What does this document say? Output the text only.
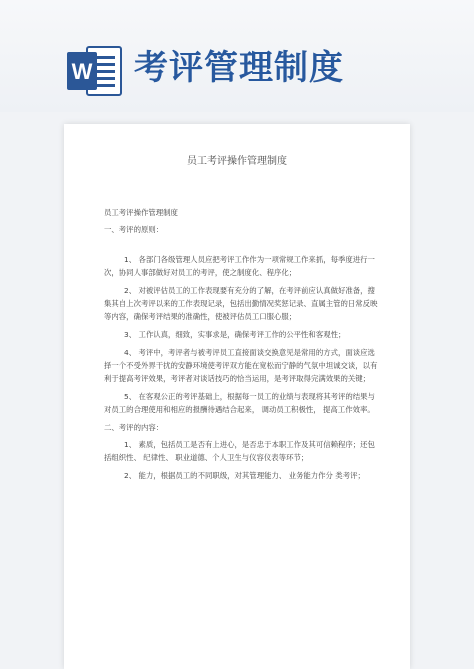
W 考评管理制度
员工考评操作管理制度

员工考评操作管理制度

一、考评的原则：

1、 各部门各级管理人员应把考评工作作为一项常规工作来抓，每季度进行一次，协同人事部做好对员工的考评，使之制度化、程序化；

2、 对被评估员工的工作表现要有充分的了解，在考评前应认真做好准备，搜集其自上次考评以来的工作表现记录，包括出勤情况奖惩记录、直属主管的日常反映等内容，确保考评结果的准确性，使被评估员工口服心服；

3、 工作认真，细致，实事求是，确保考评工作的公平性和客观性；

4、 考评中，考评者与被考评员工直接面谈交换意见是常用的方式，面谈应选择一个不受外界干扰的安静环境使考评双方能在宽松而宁静的气氛中坦诚交谈，以有利于提高考评效果，考评者对谈话技巧的恰当运用，是考评取得完满效果的关键；

5、 在客观公正的考评基础上，根据每一员工的业绩与表现将其考评的结果与对员工的合理使用和相应的报酬待遇结合起来， 调动员工积极性， 提高工作效率。

二、考评的内容：

1、 素质，包括员工是否有上进心，是否忠于本职工作及其可信赖程序；还包括组织性、 纪律性、 职业道德、个人卫生与仪容仪表等环节；

2、 能力，根据员工的不同职级，对其管理能力、 业务能力作分 类考评；
